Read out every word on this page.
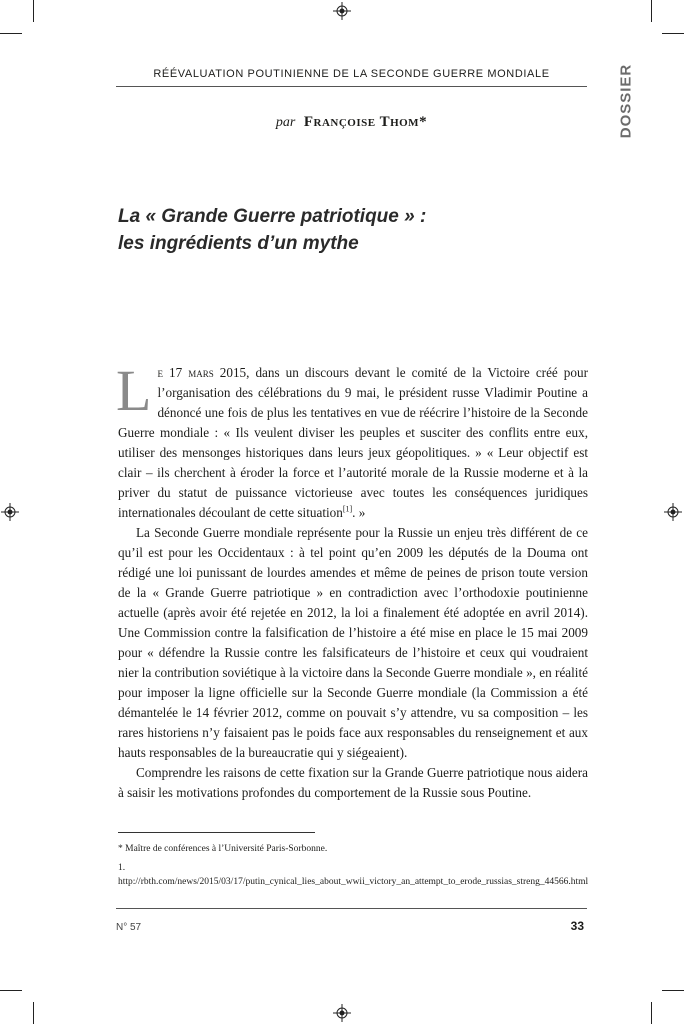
RÉÉVALUATION POUTINIENNE DE LA SECONDE GUERRE MONDIALE	DOSSIER
par Françoise Thom*
La « Grande Guerre patriotique » :
les ingrédients d’un mythe

Le 17 mars 2015, dans un discours devant le comité de la Victoire créé pour l’organisation des célébrations du 9 mai, le président russe Vladimir Poutine a dénoncé une fois de plus les tentatives en vue de réécrire l’histoire de la Seconde Guerre mondiale : « Ils veulent diviser les peuples et susciter des conflits entre eux, utiliser des mensonges historiques dans leurs jeux géopolitiques. » « Leur objectif est clair – ils cherchent à éroder la force et l’autorité morale de la Russie moderne et à la priver du statut de puissance victorieuse avec toutes les conséquences juridiques internationales découlant de cette situation[1]. »

La Seconde Guerre mondiale représente pour la Russie un enjeu très différent de ce qu’il est pour les Occidentaux : à tel point qu’en 2009 les députés de la Douma ont rédigé une loi punissant de lourdes amendes et même de peines de prison toute version de la « Grande Guerre patriotique » en contradiction avec l’orthodoxie poutinienne actuelle (après avoir été rejetée en 2012, la loi a finalement été adoptée en avril 2014). Une Commission contre la falsification de l’histoire a été mise en place le 15 mai 2009 pour « défendre la Russie contre les falsificateurs de l’histoire et ceux qui voudraient nier la contribution soviétique à la victoire dans la Seconde Guerre mondiale », en réalité pour imposer la ligne officielle sur la Seconde Guerre mondiale (la Commission a été démantelée le 14 février 2012, comme on pouvait s’y attendre, vu sa composition – les rares historiens n’y faisaient pas le poids face aux responsables du renseignement et aux hauts responsables de la bureaucratie qui y siégeaient).

Comprendre les raisons de cette fixation sur la Grande Guerre patriotique nous aidera à saisir les motivations profondes du comportement de la Russie sous Poutine.

* Maître de conférences à l’Université Paris-Sorbonne.

1. http://rbth.com/news/2015/03/17/putin_cynical_lies_about_wwii_victory_an_attempt_to_erode_russias_streng_44566.html

N° 57	33
